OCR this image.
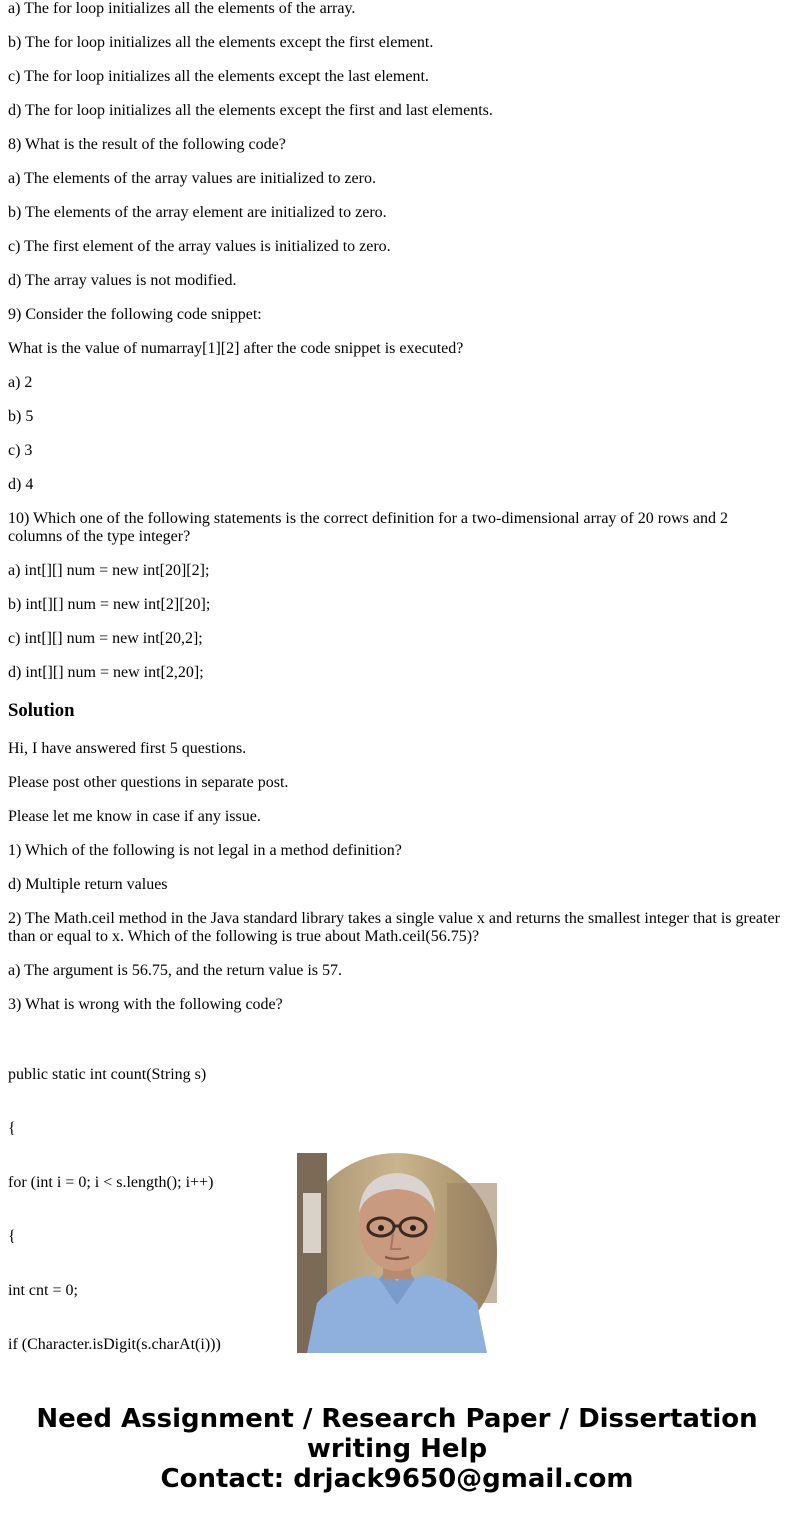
a) The for loop initializes all the elements of the array.

b) The for loop initializes all the elements except the first element.

c) The for loop initializes all the elements except the last element.

d) The for loop initializes all the elements except the first and last elements.

8) What is the result of the following code?

a) The elements of the array values are initialized to zero.

b) The elements of the array element are initialized to zero.

c) The first element of the array values is initialized to zero.

d) The array values is not modified.

9) Consider the following code snippet:

What is the value of numarray[1][2] after the code snippet is executed?

a) 2

b) 5

c) 3

d) 4

10) Which one of the following statements is the correct definition for a two-dimensional array of 20 rows and 2 columns of the type integer?

a) int[][] num = new int[20][2];

b) int[][] num = new int[2][20];

c) int[][] num = new int[20,2];

d) int[][] num = new int[2,20];

Solution

Hi, I have answered first 5 questions.

Please post other questions in separate post.

Please let me know in case if any issue.

1) Which of the following is not legal in a method definition?

d) Multiple return values

2) The Math.ceil method in the Java standard library takes a single value x and returns the smallest integer that is greater than or equal to x. Which of the following is true about Math.ceil(56.75)?

a) The argument is 56.75, and the return value is 57.

3) What is wrong with the following code?

public static int count(String s)

{

for (int i = 0; i < s.length(); i++)

{

int cnt = 0;

if (Character.isDigit(s.charAt(i)))

Need Assignment / Research Paper / Dissertation
writing Help
Contact: drjack9650@gmail.com
